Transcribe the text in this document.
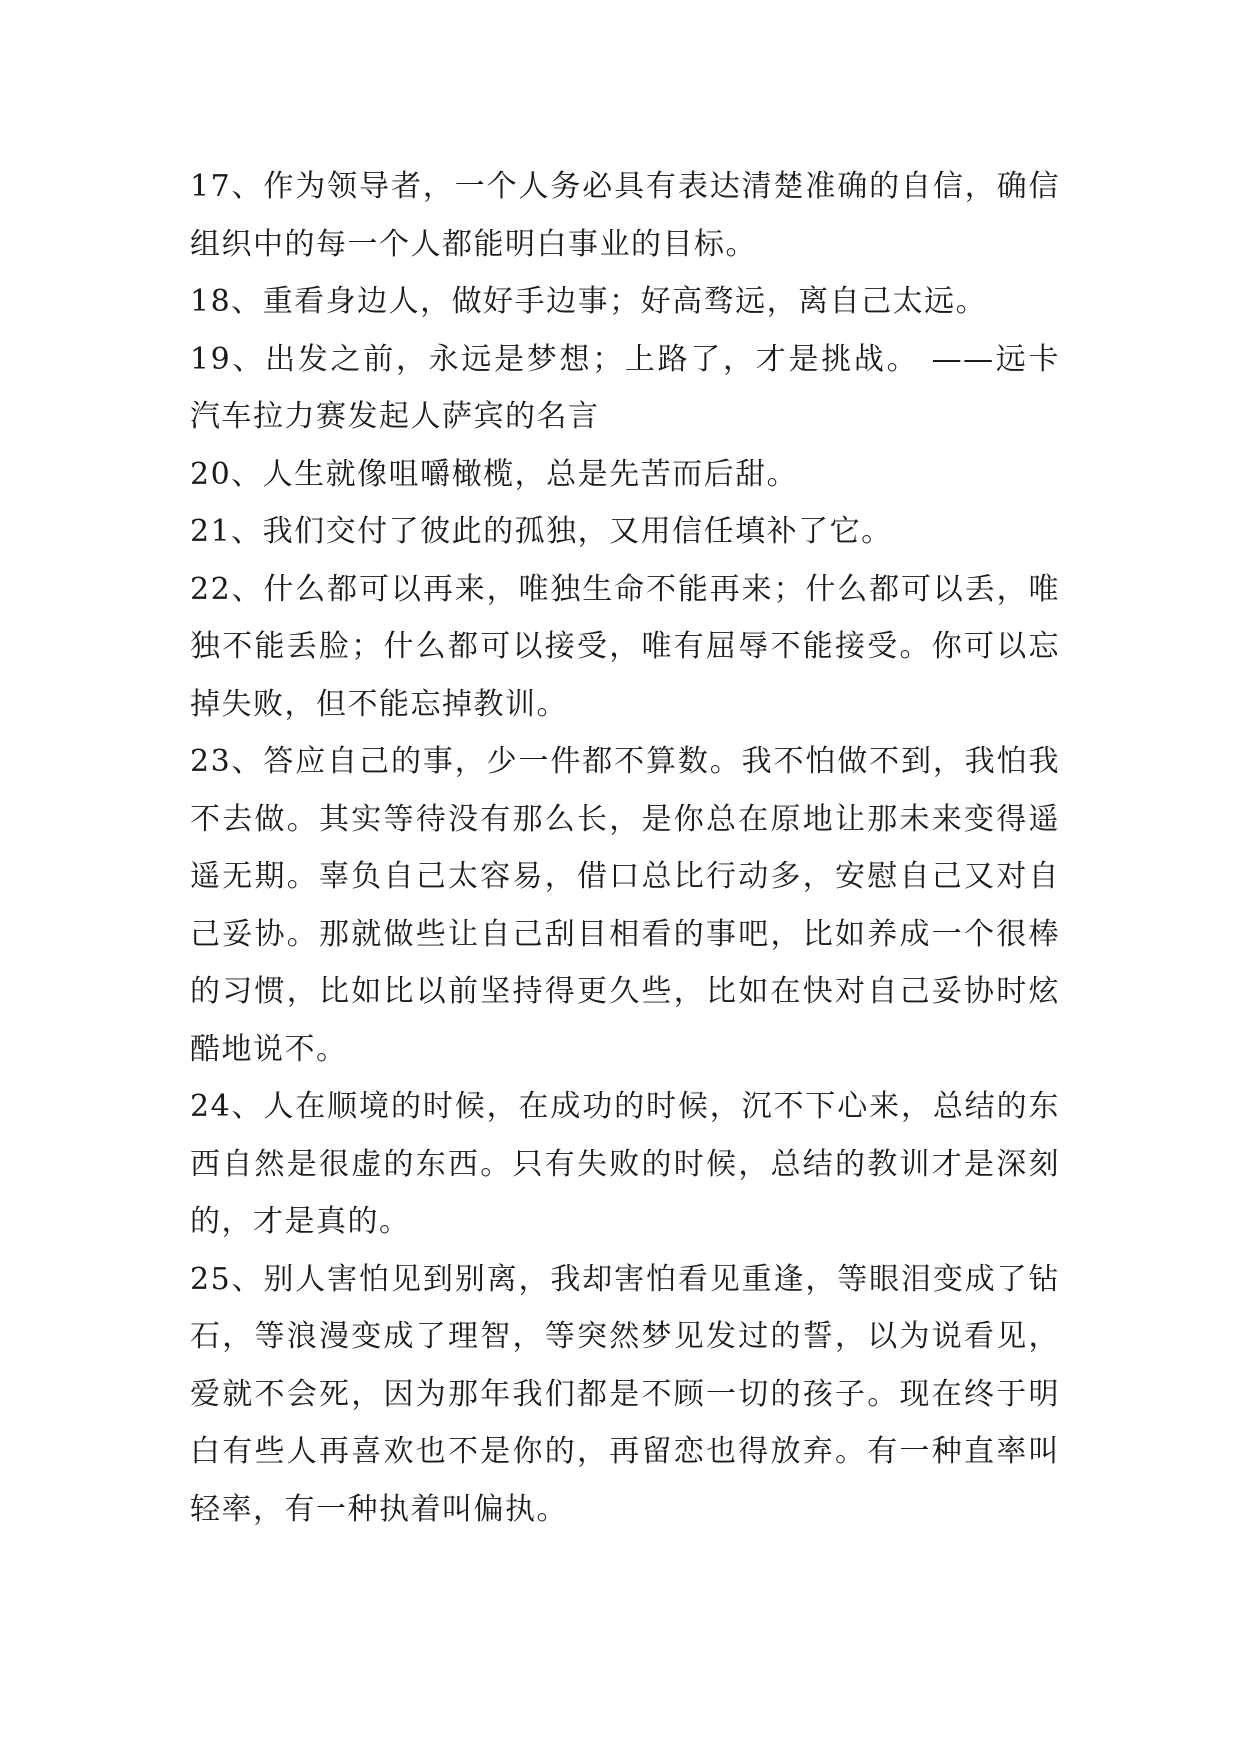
17、作为领导者，一个人务必具有表达清楚准确的自信，确信组织中的每一个人都能明白事业的目标。

18、重看身边人，做好手边事；好高骛远，离自己太远。

19、出发之前，永远是梦想；上路了，才是挑战。 ——远卡汽车拉力赛发起人萨宾的名言

20、人生就像咀嚼橄榄，总是先苦而后甜。

21、我们交付了彼此的孤独，又用信任填补了它。

22、什么都可以再来，唯独生命不能再来；什么都可以丢，唯独不能丢脸；什么都可以接受，唯有屈辱不能接受。你可以忘掉失败，但不能忘掉教训。

23、答应自己的事，少一件都不算数。我不怕做不到，我怕我不去做。其实等待没有那么长，是你总在原地让那未来变得遥遥无期。辜负自己太容易，借口总比行动多，安慰自己又对自己妥协。那就做些让自己刮目相看的事吧，比如养成一个很棒的习惯，比如比以前坚持得更久些，比如在快对自己妥协时炫酷地说不。

24、人在顺境的时候，在成功的时候，沉不下心来，总结的东西自然是很虚的东西。只有失败的时候，总结的教训才是深刻的，才是真的。

25、别人害怕见到别离，我却害怕看见重逢，等眼泪变成了钻石，等浪漫变成了理智，等突然梦见发过的誓，以为说看见，爱就不会死，因为那年我们都是不顾一切的孩子。现在终于明白有些人再喜欢也不是你的，再留恋也得放弃。有一种直率叫轻率，有一种执着叫偏执。
